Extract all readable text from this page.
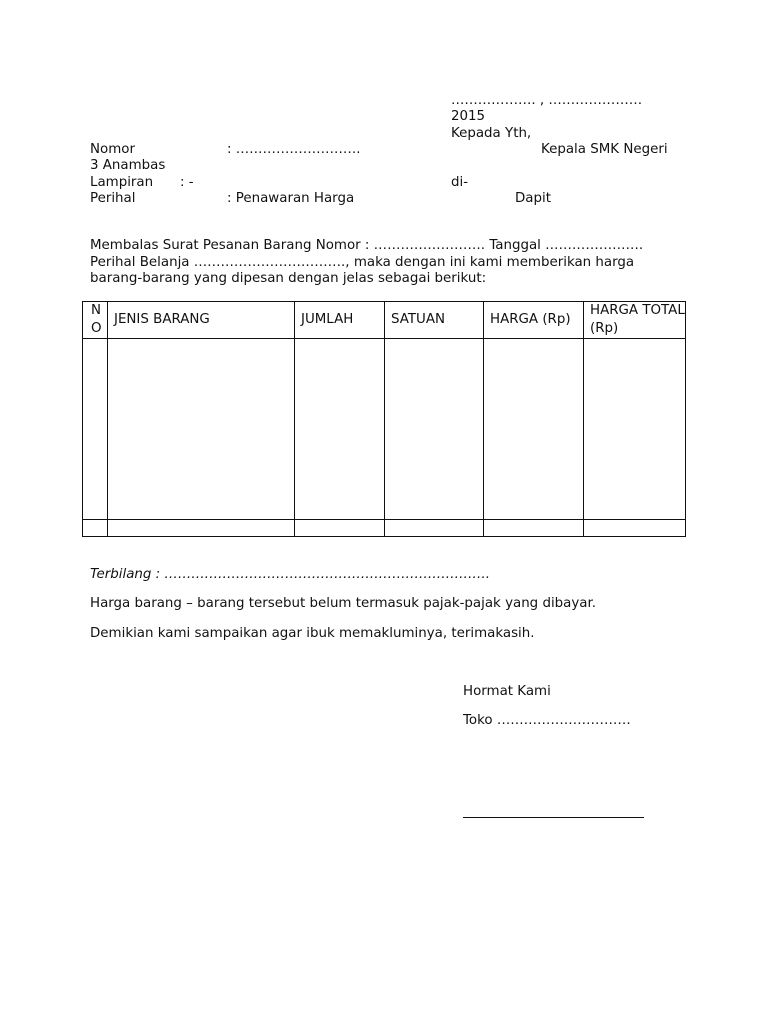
………………. , …………………
2015
Kepada Yth,
Kepala SMK Negeri
Nomor	: ……………………….
3 Anambas
Lampiran : -	di-
Perihal	: Penawaran Harga	Dapit
Membalas Surat Pesanan Barang Nomor : ……………………. Tanggal ………………….
Perihal Belanja ……………………………., maka dengan ini kami memberikan harga
barang-barang yang dipesan dengan jelas sebagai berikut:
N O	JENIS BARANG	JUMLAH	SATUAN	HARGA (Rp)	HARGA TOTAL (Rp)

Terbilang : ……………………………………………………………….
Harga barang – barang tersebut belum termasuk pajak-pajak yang dibayar.
Demikian kami sampaikan agar ibuk memakluminya, terimakasih.
Hormat Kami
Toko …………………………
